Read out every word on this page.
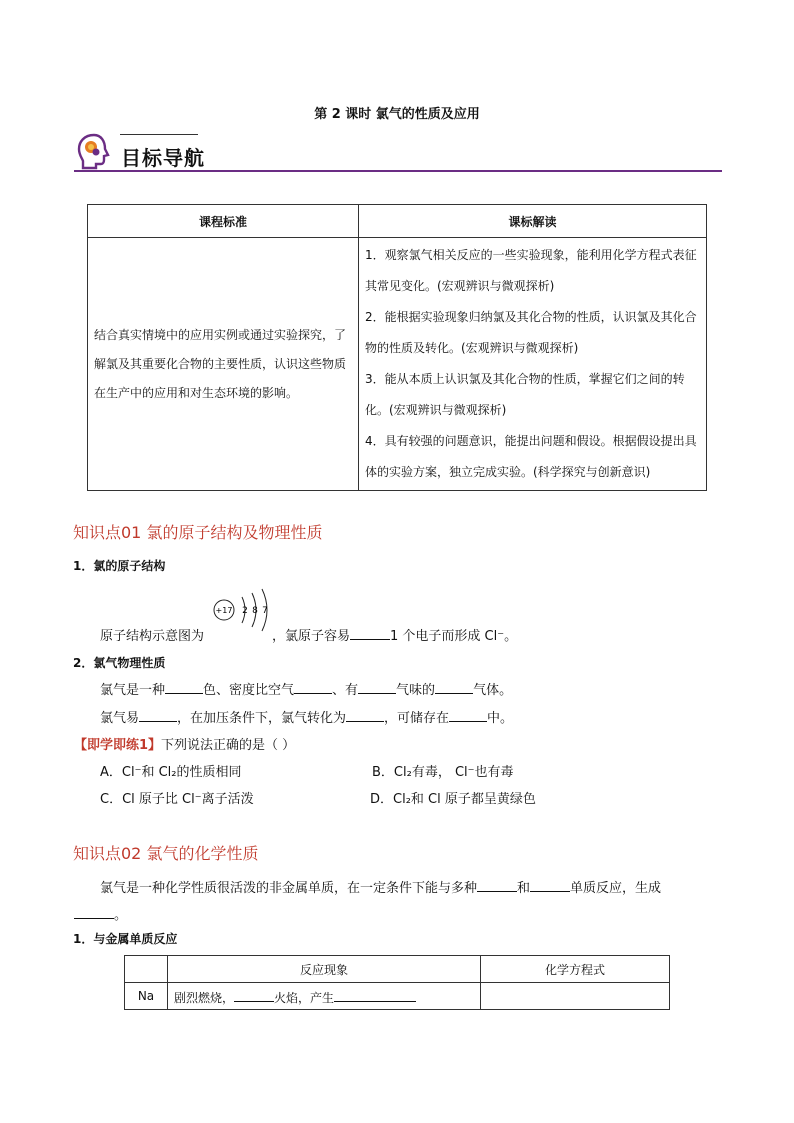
第 2 课时 氯气的性质及应用
目标导航
课程标准	课标解读
结合真实情境中的应用实例或通过实验探究，了解氯及其重要化合物的主要性质，认识这些物质在生产中的应用和对生态环境的影响。	1．观察氯气相关反应的一些实验现象，能利用化学方程式表征其常见变化。(宏观辨识与微观探析)
2．能根据实验现象归纳氯及其化合物的性质，认识氯及其化合物的性质及转化。(宏观辨识与微观探析)
3．能从本质上认识氯及其化合物的性质，掌握它们之间的转化。(宏观辨识与微观探析)
4．具有较强的问题意识，能提出问题和假设。根据假设提出具体的实验方案，独立完成实验。(科学探究与创新意识)
知识点01 氯的原子结构及物理性质
1．氯的原子结构
+17 2 8 7
原子结构示意图为	，氯原子容易	1 个电子而形成 Cl⁻。
2．氯气物理性质
氯气是一种	色、密度比空气	、有	气味的	气体。
氯气易	，在加压条件下，氯气转化为	，可储存在	中。
【即学即练1】下列说法正确的是（ ）
A．Cl⁻和 Cl₂的性质相同	B．Cl₂有毒， Cl⁻也有毒
C．Cl 原子比 Cl⁻离子活泼	D．Cl₂和 Cl 原子都呈黄绿色
知识点02 氯气的化学性质
氯气是一种化学性质很活泼的非金属单质，在一定条件下能与多种	和	单质反应，生成
。
1．与金属单质反应
	反应现象	化学方程式
Na	剧烈燃烧， 火焰，产生	
